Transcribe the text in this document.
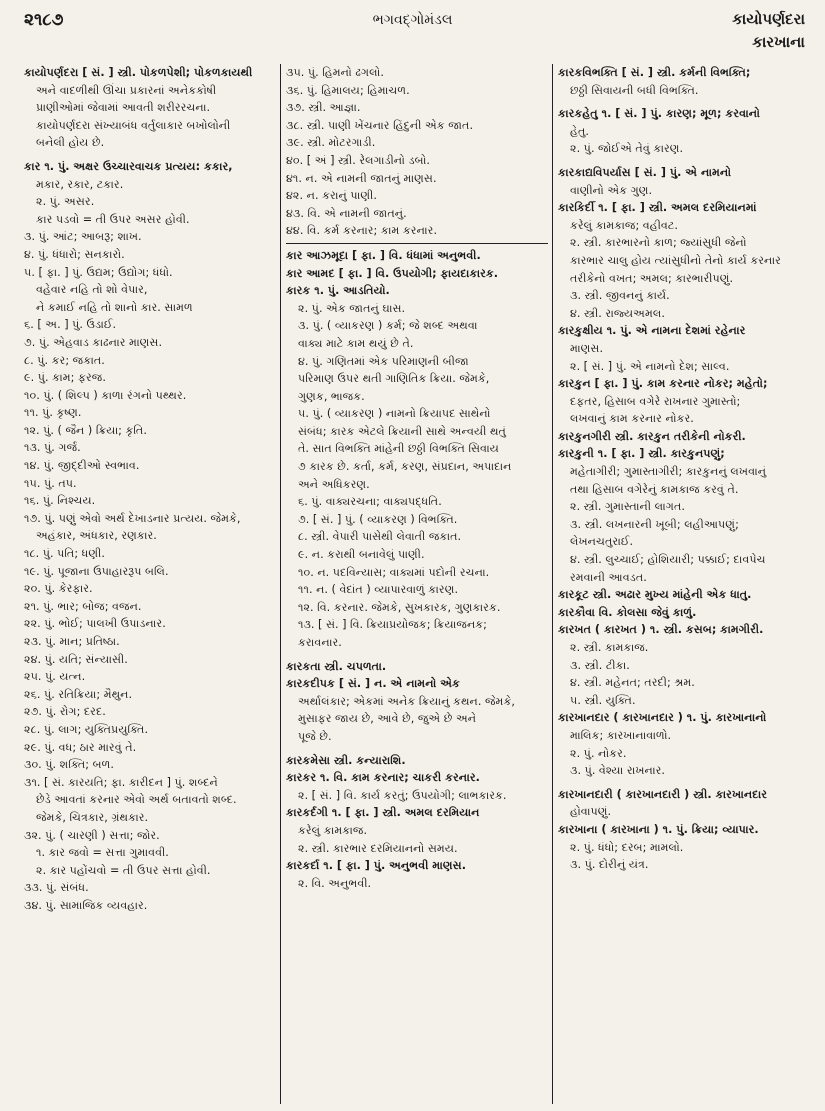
૨૧૮૭	ભગવદ્ગોમંડલ	કાયોપર્ણદરા
કારખાના
કાયોપર્ણદરા [ સં. ] સ્ત્રી. પોકળપેશી; પોકળકાયથી
અને વાદળીથી ઊંચા પ્રકારનાં અનેકકોષી
પ્રાણીઓમાં જેવામાં આવતી શરીરરચના.
કાયોપર્ણદરા સંખ્યાબંધ વર્તુલાકાર બખોલોની
બનેલી હોય છે.
કાર ૧. પું. અક્ષર ઉચ્ચારવાચક પ્રત્યય: કકાર,
મકાર, રકાર, ટકાર.
૨. પું. અસર.
કાર પડવો = તી ઉપર અસર હોવી.
૩. પું. આંટ; આબરૂ; શાખ.
૪. પું. ધંધારો; સનકારો.
૫. [ ફા. ] પું. ઉદ્યમ; ઉદ્યોગ; ધંધો.
વહેવાર નહિ તો શો વેપાર,
ને કમાઈ નહિ તો શાનો કાર. સામળ
૬. [ અ. ] પું. ઉડાઈ.
૭. પું. એહવાડ કાઢનાર માણસ.
૮. પું. કર; જકાત.
૯. પું. કામ; ફરજ.
૧૦. પું. ( શિલ્પ ) કાળા રંગનો પથ્થર.
૧૧. પું. કૃષ્ણ.
૧૨. પું. ( જૈન ) ક્રિયા; કૃતિ.
૧૩. પું. ગર્જ.
૧૪. પું. જીદ્દીઓ સ્વભાવ.
૧૫. પું. તપ.
૧૬. પું. નિશ્ચય.
૧૭. પું. પણું એવો અર્થ દેખાડનાર પ્રત્યય. જેમકે,
અહંકાર, અંધકાર, રણકાર.
૧૮. પું. પતિ; ધણી.
૧૯. પું. પૂજાના ઉપાહારરૂપ બલિ.
૨૦. પું. કેરફાર.
૨૧. પું. ભાર; બોજ; વજન.
૨૨. પું. ભોઈ; પાલખી ઉપાડનાર.
૨૩. પું. માન; પ્રતિષ્ઠા.
૨૪. પું. યતિ; સંન્યાસી.
૨૫. પું. યત્ન.
૨૬. પું. રતિક્રિયા; મૈથુન.
૨૭. પું. રોગ; દરદ.
૨૮. પું. લાગ; યુક્તિપ્રયુક્તિ.
૨૯. પું. વધ; ઠાર મારવું તે.
૩૦. પું. શક્તિ; બળ.
૩૧. [ સં. કારયતિ; ફા. કારીદન ] પું. શબ્દને
છેડે આવતાં કરનાર એવો અર્થ બતાવતો શબ્દ.
જેમકે, ચિત્રકાર, ગ્રંથકાર.
૩૨. પું. ( ચારણી ) સત્તા; જોર.
૧. કાર જવો = સત્તા ગુમાવવી.
૨. કાર પહોંચવો = તી ઉપર સત્તા હોવી.
૩૩. પું. સંબંધ.
૩૪. પું. સામાજિક વ્યવહાર.
૩૫. પું. હિમનો ઢગલો.
૩૬. પું. હિમાલય; હિમાચળ.
૩૭. સ્ત્રી. આજ્ઞા.
૩૮. સ્ત્રી. પાણી ખેંચનાર હિંદુની એક જાત.
૩૯. સ્ત્રી. મોટરગાડી.
૪૦. [ અં ] સ્ત્રી. રેલગાડીનો ડબો.
૪૧. ન. એ નામની જાતનું માણસ.
૪૨. ન. કરાનું પાણી.
૪૩. વિ. એ નામની જાતનું.
૪૪. વિ. કર્મ કરનાર; કામ કરનાર.
કાર આઝમૂદા [ ફા. ] વિ. ધંધામાં અનુભવી.
કાર આમદ [ ફા. ] વિ. ઉપયોગી; ફાયદાકારક.
કારક ૧. પું. આડતિયો.
૨. પું. એક જાતનું ઘાસ.
૩. પું. ( વ્યાકરણ ) કર્મ; જે શબ્દ અથવા
વાક્ય માટે કામ થયું છે તે.
૪. પું. ગણિતમાં એક પરિમાણની બીજા
પરિમાણ ઉપર થતી ગાણિતિક ક્રિયા. જેમકે,
ગુણક, ભાજક.
૫. પું. ( વ્યાકરણ ) નામનો ક્રિયાપદ સાથેનો
સંબંધ; કારક એટલે ક્રિયાની સાથે અન્વયી થતું
તે. સાત વિભક્તિ માંહેની છઠ્ઠી વિભક્તિ સિવાય
૭ કારક છે. કર્તા, કર્મ, કરણ, સંપ્રદાન, અપાદાન
અને અધિકરણ.
૬. પું. વાક્યરચના; વાક્યપદ્ધતિ.
૭. [ સં. ] પું. ( વ્યાકરણ ) વિભક્તિ.
૮. સ્ત્રી. વેપારી પાસેથી લેવાતી જકાત.
૯. ન. કરાથી બનાવેલું પાણી.
૧૦. ન. પદવિન્યાસ; વાક્યમાં પદોની રચના.
૧૧. ન. ( વેદાંત ) વ્યાપારવાળું કારણ.
૧૨. વિ. કરનાર. જેમકે, સુખકારક, ગુણકારક.
૧૩. [ સં. ] વિ. ક્રિયાપ્રયોજક; ક્રિયાજનક;
કરાવનાર.
કારકતા સ્ત્રી. ચપળતા.
કારકદીપક [ સં. ] ન. એ નામનો એક
અર્થાલંકાર; એકમાં અનેક ક્રિયાનું કથન. જેમકે,
મુસાફર જાય છે, આવે છે, જુએ છે અને
પૂજે છે.
કારકમેસા સ્ત્રી. કન્યારાશિ.
કારકર ૧. વિ. કામ કરનાર; ચાકરી કરનાર.
૨. [ સં. ] વિ. કાર્ય કરતું; ઉપયોગી; લાભકારક.
કારકર્દગી ૧. [ ફા. ] સ્ત્રી. અમલ દરમિયાન
કરેલું કામકાજ.
૨. સ્ત્રી. કારભાર દરમિયાનનો સમય.
કારકર્દા ૧. [ ફા. ] પું. અનુભવી માણસ.
૨. વિ. અનુભવી.
કારકવિભક્તિ [ સં. ] સ્ત્રી. કર્મની વિભક્તિ;
છઠ્ઠી સિવાયની બધી વિભક્તિ.
કારકહેતુ ૧. [ સં. ] પું. કારણ; મૂળ; કરવાનો
હેતુ.
૨. પું. જોઈએ તેવું કારણ.
કારકાદ્યવિપર્યાસ [ સં. ] પું. એ નામનો
વાણીનો એક ગુણ.
કારકિર્દી ૧. [ ફા. ] સ્ત્રી. અમલ દરમિયાનમાં
કરેલું કામકાજ; વહીવટ.
૨. સ્ત્રી. કારભારનો કાળ; જ્યાંસુધી જેનો
કારભાર ચાલુ હોય ત્યાંસુધીનો તેનો કાર્ય કરનાર
તરીકેનો વખત; અમલ; કારભારીપણું.
૩. સ્ત્રી. જીવનનું કાર્ય.
૪. સ્ત્રી. રાજ્યઅમલ.
કારકુક્ષીય ૧. પું. એ નામના દેશમાં રહેનાર
માણસ.
૨. [ સં. ] પું. એ નામનો દેશ; સાલ્વ.
કારકુન [ ફા. ] પું. કામ કરનાર નોકર; મહેતો;
દફતર, હિસાબ વગેરે રાખનાર ગુમાસ્તો;
લખવાનું કામ કરનાર નોકર.
કારકુનગીરી સ્ત્રી. કારકુન તરીકેની નોકરી.
કારકુની ૧. [ ફા. ] સ્ત્રી. કારકુનપણું;
મહેતાગીરી; ગુમાસ્તાગીરી; કારકુનનું લખવાનું
તથા હિસાબ વગેરેનું કામકાજ કરવું તે.
૨. સ્ત્રી. ગુમાસ્તાની લાગત.
૩. સ્ત્રી. લખનારની ખૂબી; લહીઆપણું;
લેખનચતુરાઈ.
૪. સ્ત્રી. લુચ્ચાઈ; હોશિયારી; પક્કાઈ; દાવપેચ
રમવાની આવડત.
કારકૂટ સ્ત્રી. અઢાર મુખ્ય માંહેની એક ધાતુ.
કારકૌવા વિ. કોલસા જેવું કાળું.
કારખત ( કારખત ) ૧. સ્ત્રી. કસબ; કામગીરી.
૨. સ્ત્રી. કામકાજ.
૩. સ્ત્રી. ટીકા.
૪. સ્ત્રી. મહેનત; તરદી; શ્રમ.
૫. સ્ત્રી. યુક્તિ.
કારખાનદાર ( કારખાનદાર ) ૧. પું. કારખાનાનો
માલિક; કારખાનાવાળો.
૨. પું. નોકર.
૩. પું. વેશ્યા રાખનાર.
કારખાનદારી ( કારખાનદારી ) સ્ત્રી. કારખાનદાર
હોવાપણું.
કારખાના ( કારખાના ) ૧. પું. ક્રિયા; વ્યાપાર.
૨. પું. ધંધો; દરબ; મામલો.
૩. પું. દોરીનું યંત્ર.
